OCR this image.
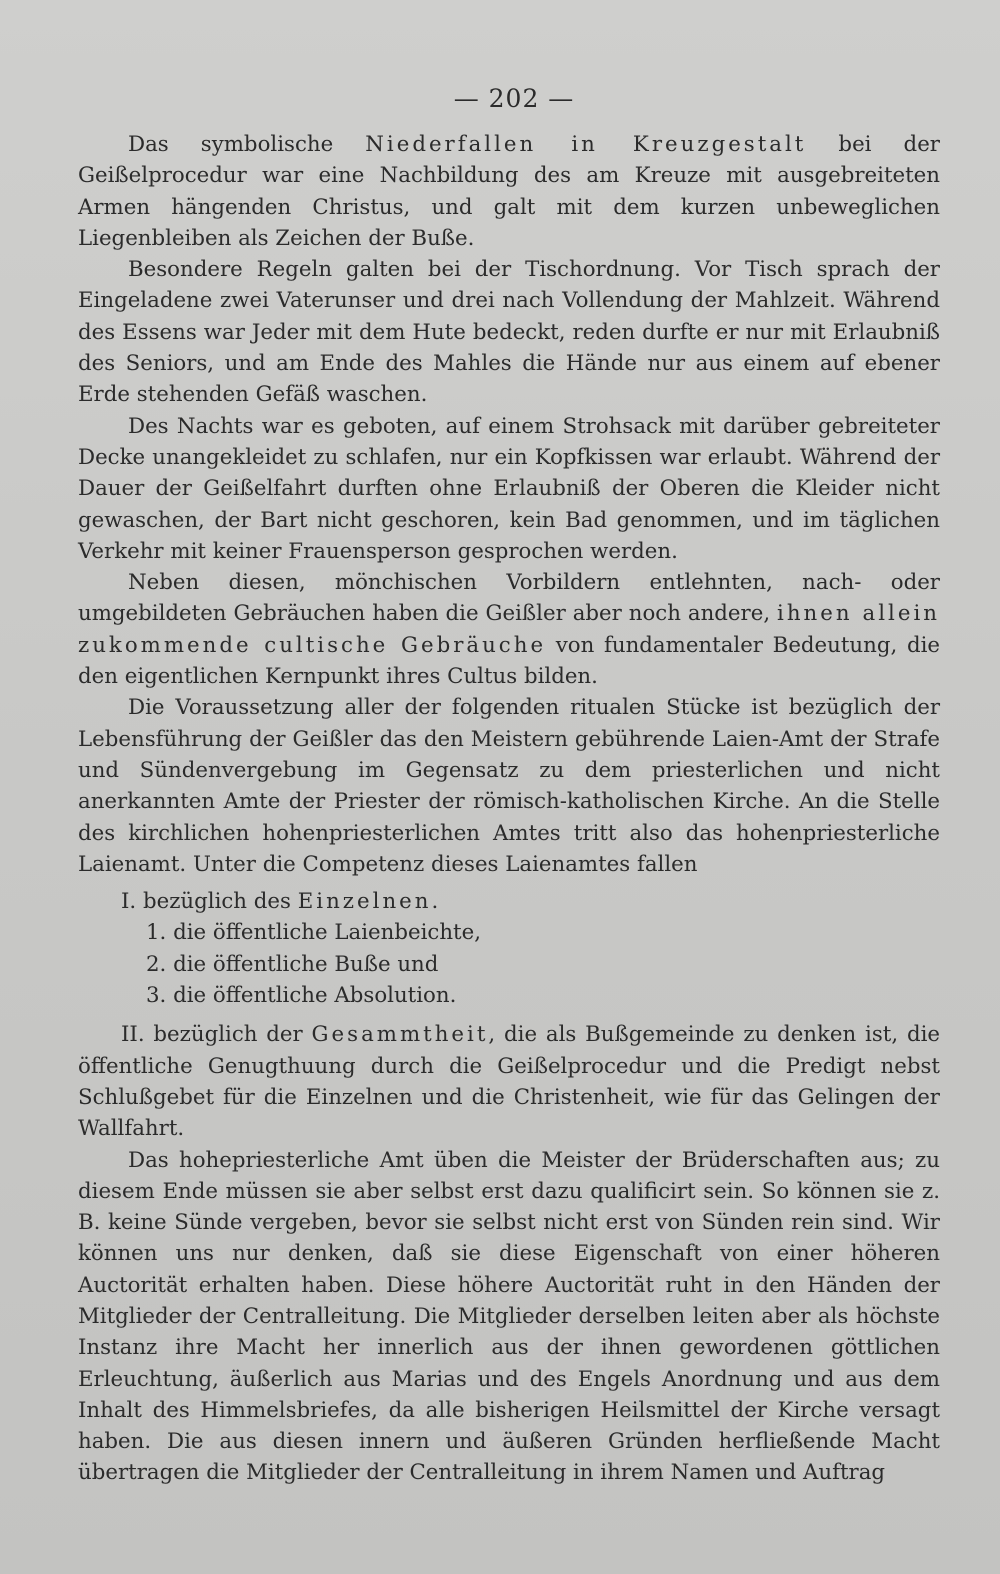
— 202 —

Das symbolische Niederfallen in Kreuzgestalt bei der Geißelprocedur war eine Nachbildung des am Kreuze mit ausgebreiteten Armen hängenden Christus, und galt mit dem kurzen unbeweglichen Liegenbleiben als Zeichen der Buße.

Besondere Regeln galten bei der Tischordnung. Vor Tisch sprach der Eingeladene zwei Vaterunser und drei nach Vollendung der Mahlzeit. Während des Essens war Jeder mit dem Hute bedeckt, reden durfte er nur mit Erlaubniß des Seniors, und am Ende des Mahles die Hände nur aus einem auf ebener Erde stehenden Gefäß waschen.

Des Nachts war es geboten, auf einem Strohsack mit darüber gebreiteter Decke unangekleidet zu schlafen, nur ein Kopfkissen war erlaubt. Während der Dauer der Geißelfahrt durften ohne Erlaubniß der Oberen die Kleider nicht gewaschen, der Bart nicht geschoren, kein Bad genommen, und im täglichen Verkehr mit keiner Frauensperson gesprochen werden.

Neben diesen, mönchischen Vorbildern entlehnten, nach- oder umgebildeten Gebräuchen haben die Geißler aber noch andere, ihnen allein zukommende cultische Gebräuche von fundamentaler Bedeutung, die den eigentlichen Kernpunkt ihres Cultus bilden.

Die Voraussetzung aller der folgenden ritualen Stücke ist bezüglich der Lebensführung der Geißler das den Meistern gebührende Laien-Amt der Strafe und Sündenvergebung im Gegensatz zu dem priesterlichen und nicht anerkannten Amte der Priester der römisch-katholischen Kirche. An die Stelle des kirchlichen hohenpriesterlichen Amtes tritt also das hohenpriesterliche Laienamt. Unter die Competenz dieses Laienamtes fallen

I. bezüglich des Einzelnen.
1. die öffentliche Laienbeichte,
2. die öffentliche Buße und
3. die öffentliche Absolution.

II. bezüglich der Gesammtheit, die als Bußgemeinde zu denken ist, die öffentliche Genugthuung durch die Geißelprocedur und die Predigt nebst Schlußgebet für die Einzelnen und die Christenheit, wie für das Gelingen der Wallfahrt.

Das hohepriesterliche Amt üben die Meister der Brüderschaften aus; zu diesem Ende müssen sie aber selbst erst dazu qualificirt sein. So können sie z. B. keine Sünde vergeben, bevor sie selbst nicht erst von Sünden rein sind. Wir können uns nur denken, daß sie diese Eigenschaft von einer höheren Auctorität erhalten haben. Diese höhere Auctorität ruht in den Händen der Mitglieder der Centralleitung. Die Mitglieder derselben leiten aber als höchste Instanz ihre Macht her innerlich aus der ihnen gewordenen göttlichen Erleuchtung, äußerlich aus Marias und des Engels Anordnung und aus dem Inhalt des Himmelsbriefes, da alle bisherigen Heilsmittel der Kirche versagt haben. Die aus diesen innern und äußeren Gründen herfließende Macht übertragen die Mitglieder der Centralleitung in ihrem Namen und Auftrag
